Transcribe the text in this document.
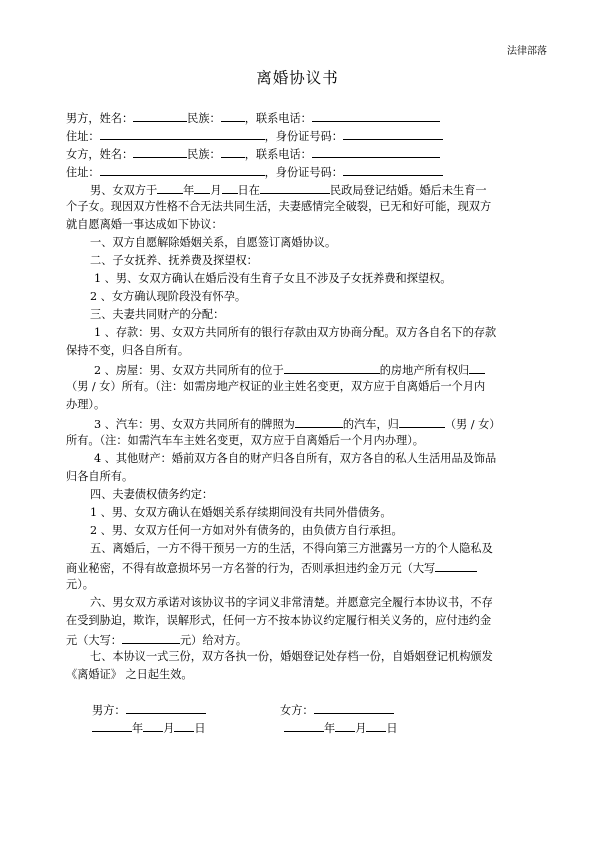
法律部落
离婚协议书
男方，姓名：	民族： ，联系电话：
住址：	，身份证号码：
女方，姓名：	民族： ，联系电话：
住址：	，身份证号码：
男、女双方于 年 月 日在	民政局登记结婚。婚后未生育一
个子女。现因双方性格不合无法共同生活，夫妻感情完全破裂，已无和好可能，现双方
就自愿离婚一事达成如下协议：
一、双方自愿解除婚姻关系，自愿签订离婚协议。
二、子女抚养、抚养费及探望权：
1 、男、女双方确认在婚后没有生育子女且不涉及子女抚养费和探望权。
2 、女方确认现阶段没有怀孕。
三、夫妻共同财产的分配：
1 、存款：男、女双方共同所有的银行存款由双方协商分配。双方各自名下的存款
保持不变，归各自所有。
2 、房屋：男、女双方共同所有的位于	的房地产所有权归
（男 / 女）所有。（注：如需房地产权证的业主姓名变更，双方应于自离婚后一个月内
办理）。
3 、汽车：男、女双方共同所有的牌照为	的汽车，归	（男 / 女）
所有。（注：如需汽车车主姓名变更，双方应于自离婚后一个月内办理）。
4 、其他财产：婚前双方各自的财产归各自所有，双方各自的私人生活用品及饰品
归各自所有。
四、夫妻债权债务约定：
1 、男、女双方确认在婚姻关系存续期间没有共同外借债务。
2 、男、女双方任何一方如对外有债务的，由负债方自行承担。
五、离婚后，一方不得干预另一方的生活，不得向第三方泄露另一方的个人隐私及
商业秘密，不得有故意损坏另一方名誉的行为，否则承担违约金万元（大写
元）。
六、男女双方承诺对该协议书的字词义非常清楚。并愿意完全履行本协议书，不存
在受到胁迫，欺诈，误解形式，任何一方不按本协议约定履行相关义务的，应付违约金
元（大写：	元）给对方。
七、本协议一式三份，双方各执一份，婚姻登记处存档一份，自婚姻登记机构颁发
《离婚证》 之日起生效。
男方：	女方：
年 月 日	年 月 日
